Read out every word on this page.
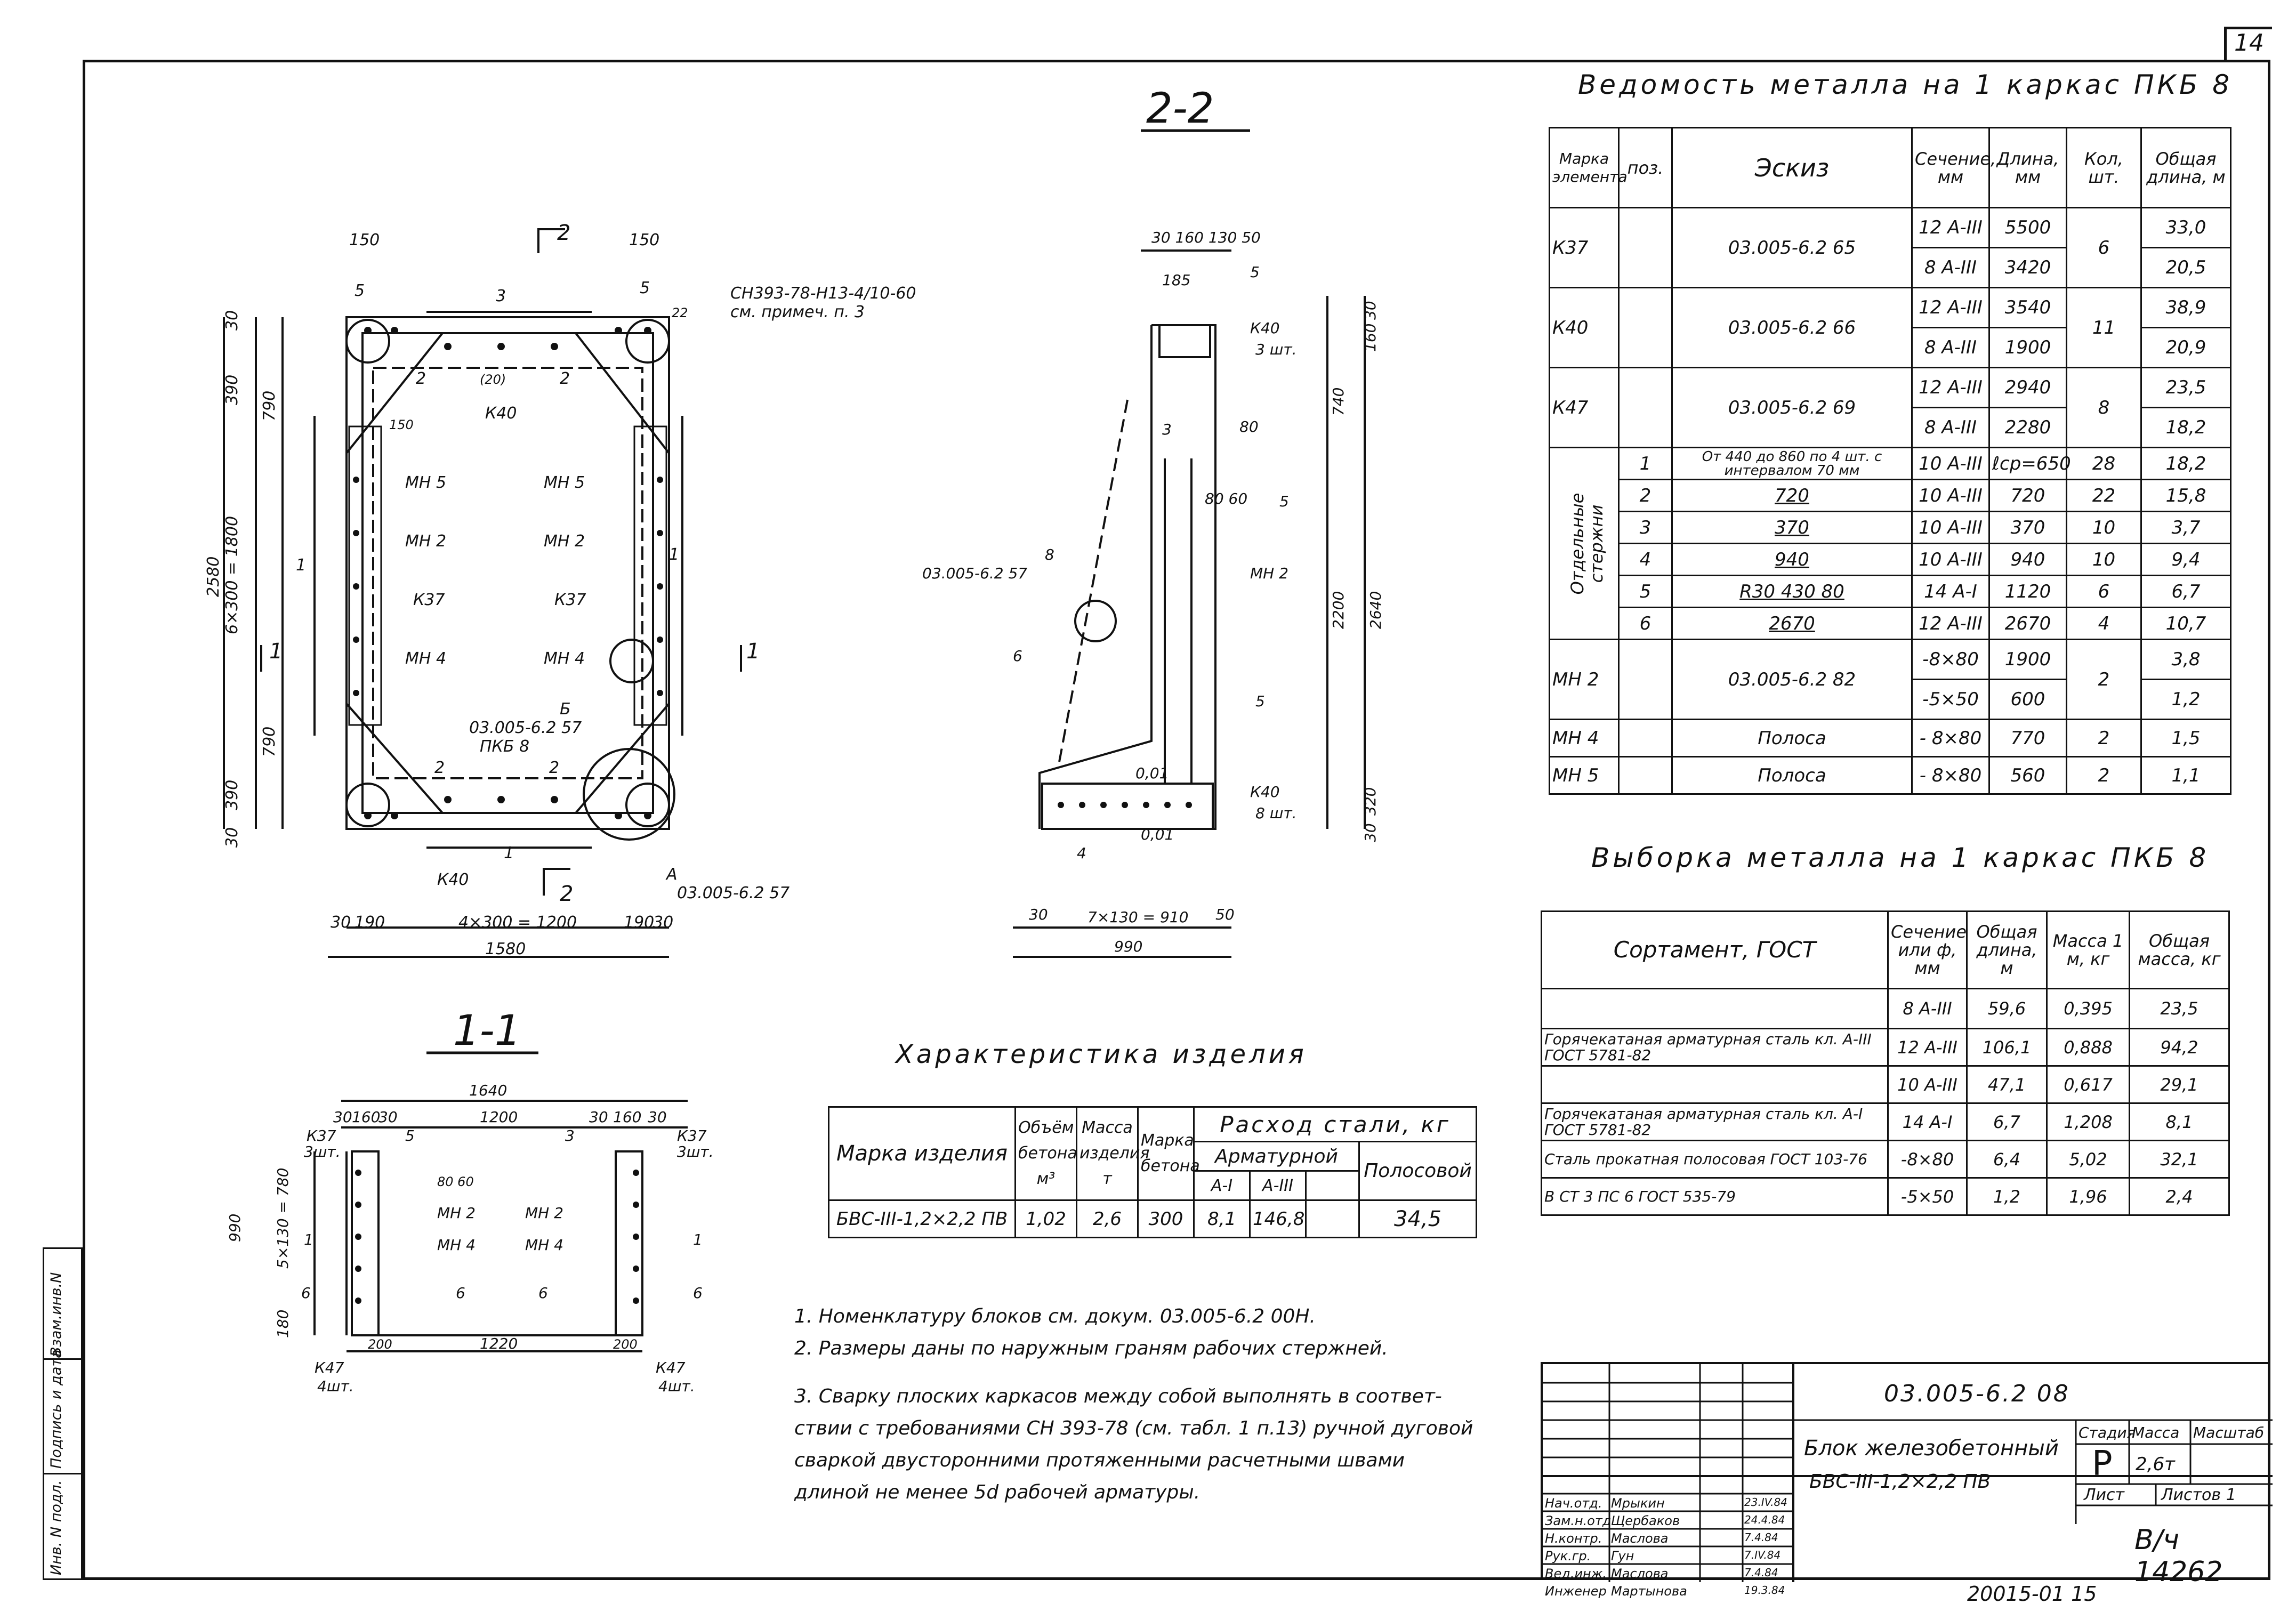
14
Инв. N подл.
Подпись и дата
Взам.инв.N
2-2
1-1
150	150
2
3	СН393-78-Н13-4/10-60
см. примеч. п. 3
22
(20)
150
К40
МН 5	МН 5
МН 2	МН 2
К37	К37
МН 4	МН 4
Б
03.005-6.2 57
ПКБ 8
2	2
2	2
1
1
1
5	5
К40
2
А
03.005-6.2 57
1	1
30 190	4×300 = 1200	190
30
1580
30
390
790
6×300 = 1800
2580
790
390
30
30 160 130 50
185	5
К40
3 шт.
3	80
5
80 60
МН 2
8
03.005-6.2 57
6
5
0,01
0,01
К40
8 шт.
4
30	7×130 = 910 50
990
740
2200 2640
160
320
30
30
1640
30 160
30	1200	30 160 30
К37
3шт.
К37
3шт.
5	3
80 60
МН 2	МН 2
МН 4	МН 4
1	1
6	6	6	6
200	1220	200
К47
4шт.
К47
4шт.
990 5×130 = 780
180
Ведомость металла на 1 каркас ПКБ 8
Марка элемента	поз.	Эскиз	Сечение, мм	Длина, мм	Кол, шт.	Общая длина, м
К37		03.005-6.2 65	12 А-III	5500	6	33,0
			8 А-III	3420		20,5
К40		03.005-6.2 66	12 А-III	3540	11	38,9
			8 А-III	1900		20,9
К47		03.005-6.2 69	12 А-III	2940	8	23,5
			8 А-III	2280		18,2

Отдельные стержни	1	От 440 до 860 по 4 шт. с интервалом 70 мм	10 А-III	ℓср=650	28	18,2
	2	720	10 А-III	720	22	15,8
	3	370	10 А-III	370	10	3,7
	4	940	10 А-III	940	10	9,4
	5	R30 430 80	14 А-I	1120	6	6,7
	6	2670	12 А-III	2670	4	10,7
МН 2		03.005-6.2 82	-8×80	1900	2	3,8
			-5×50	600		1,2
МН 4		Полоса	- 8×80	770	2	1,5
МН 5		Полоса	- 8×80	560	2	1,1
Выборка металла на 1 каркас ПКБ 8
Сортамент, ГОСТ	Сечение или ф, мм	Общая длина, м	Масса 1 м, кг	Общая масса, кг
	8 А-III	59,6	0,395	23,5
Горячекатаная арматурная сталь кл. А-III ГОСТ 5781-82	12 А-III	106,1	0,888	94,2
	10 А-III	47,1	0,617	29,1
Горячекатаная арматурная сталь кл. А-I ГОСТ 5781-82	14 А-I	6,7	1,208	8,1
Сталь прокатная полосовая ГОСТ 103-76	-8×80	6,4	5,02	32,1
В СТ 3 ПС 6 ГОСТ 535-79	-5×50	1,2	1,96	2,4
Характеристика изделия
Марка изделия	Объём бетона м³	Масса изделия т	Марка бетона	Расход стали, кг			
				Арматурной			Полосовой
				А-I	А-III		
БВС-III-1,2×2,2 ПВ	1,02	2,6	300	8,1	146,8		34,5
1. Номенклатуру блоков см. докум. 03.005-6.2 00Н.
2. Размеры даны по наружным граням рабочих стержней.
3. Сварку плоских каркасов между собой выполнять в соответ-
ствии с требованиями СН 393-78 (см. табл. 1 п.13) ручной дуговой
сваркой двусторонними протяженными расчетными швами
длиной не менее 5d рабочей арматуры.
03.005-6.2 08
Блок железобетонный
БВС-III-1,2×2,2 ПВ
Стадия
Масса Масштаб
Р 2,6т
Лист Листов 1
В/ч 14262
Нач.отд. Мрыкин	23.IV.84
Зам.н.отд Щербаков	24.4.84
Н.контр. Маслова	7.4.84
Рук.гр. Гун	7.IV.84
Вед.инж. Маслова	7.4.84
Инженер Мартынова	19.3.84	20015-01 15
